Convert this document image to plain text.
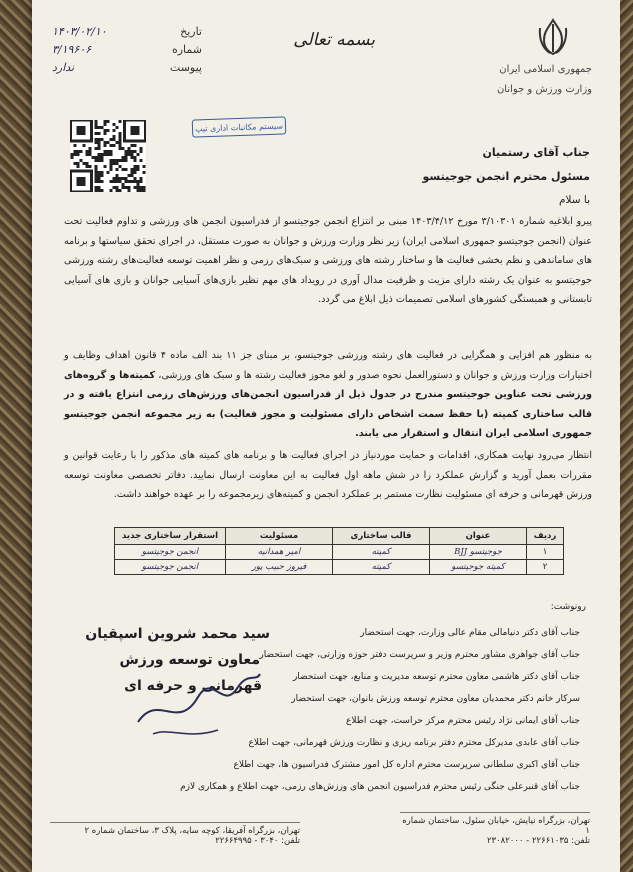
جمهوری اسلامی ایران
وزارت ورزش و جوانان
بسمه تعالی
تاریخ
۱۴۰۳/۰۲/۱۰
شماره
۳/۱۹۶۰۶
پیوست
ندارد
سیستم مکاتبات اداری تیپ
جناب آقای رستمیان
مسئول محترم انجمن جوجیتسو
با سلام
پیرو ابلاغیه شماره ۳/۱۰۳۰۱ مورخ ۱۴۰۳/۴/۱۲ مبنی بر انتزاع انجمن جوجیتسو از فدراسیون انجمن های ورزشی و تداوم فعالیت تحت عنوان (انجمن جوجیتسو جمهوری اسلامی ایران) زیر نظر وزارت ورزش و جوانان به صورت مستقل، در اجرای تحقق سیاستها و برنامه های ساماندهی و نظم بخشی فعالیت ها و ساختار رشته های ورزشی و سبک‌های رزمی و نظر اهمیت توسعه فعالیت‌های رشته ورزشی جوجیتسو به عنوان یک رشته دارای مزیت و ظرفیت مدال آوری در رویداد های مهم نظیر بازی‌های آسیایی جوانان و بازی های آسیایی تابستانی و همبستگی کشورهای اسلامی تصمیمات ذیل ابلاغ می گردد.
به منظور هم افزایی و همگرایی در فعالیت های رشته ورزشی جوجیتسو، بر مبنای جز ۱۱ بند الف ماده ۴ قانون اهداف وظایف و اختیارات وزارت ورزش و جوانان و دستورالعمل نحوه صدور و لغو مجوز فعالیت رشته ها و سبک های ورزشی، کمیته‌ها و گروه‌های ورزشی تحت عناوین جوجیتسو مندرج در جدول ذیل از فدراسیون انجمن‌های ورزش‌های رزمی انتزاع یافته و در قالب ساختاری کمیته (با حفظ سمت اشخاص دارای مسئولیت و مجوز فعالیت) به زیر مجموعه انجمن جوجیتسو جمهوری اسلامی ایران انتقال و استقرار می یابند.
انتظار می‌رود نهایت همکاری، اقدامات و حمایت موردنیاز در اجرای فعالیت ها و برنامه های کمیته های مذکور را با رعایت قوانین و مقررات بعمل آورید و گزارش عملکرد را در شش ماهه اول فعالیت به این معاونت ارسال نمایید. دفاتر تخصصی معاونت توسعه ورزش قهرمانی و حرفه ای مسئولیت نظارت مستمر بر عملکرد انجمن و کمیته‌های زیرمجموعه را بر عهده خواهند داشت.
ردیف	عنوان	قالب ساختاری	مسئولیت	استقرار ساختاری جدید
۱	جوجیتسو BJJ	کمیته	امیر همدانیه	انجمن جوجیتسو
۲	کمیته جوجیتسو	کمیته	فیروز حبیب پور	انجمن جوجیتسو
رونوشت:
جناب آقای دکتر دنیامالی مقام عالی وزارت، جهت استحضار
جناب آقای جواهری مشاور محترم وزیر و سرپرست دفتر حوزه وزارتی، جهت استحضار
جناب آقای دکتر هاشمی معاون محترم توسعه مدیریت و منابع، جهت استحضار
سرکار خانم دکتر محمدیان معاون محترم توسعه ورزش بانوان، جهت استحضار
جناب آقای ایمانی نژاد رئیس محترم مرکز حراست، جهت اطلاع
جناب آقای عابدی مدیرکل محترم دفتر برنامه ریزی و نظارت ورزش قهرمانی، جهت اطلاع
جناب آقای اکبری سلطانی سرپرست محترم اداره کل امور مشترک فدراسیون ها، جهت اطلاع
جناب آقای قنبرعلی جنگی رئیس محترم فدراسیون انجمن های ورزش‌های رزمی، جهت اطلاع و همکاری لازم
سید محمد شروین اسپقیان
معاون توسعه ورزش
قهرمانی و حرفه ای
تهران، بزرگراه نیایش، خیابان سئول، ساختمان شماره ۱
تلفن: ۲۲۶۶۱۰۳۵ - ۲۳۰۸۲۰۰۰
تهران، بزرگراه آفریقا، کوچه سایه، پلاک ۳، ساختمان شماره ۲
تلفن: ۳۰۴۰ - ۲۲۶۶۴۹۹۵
